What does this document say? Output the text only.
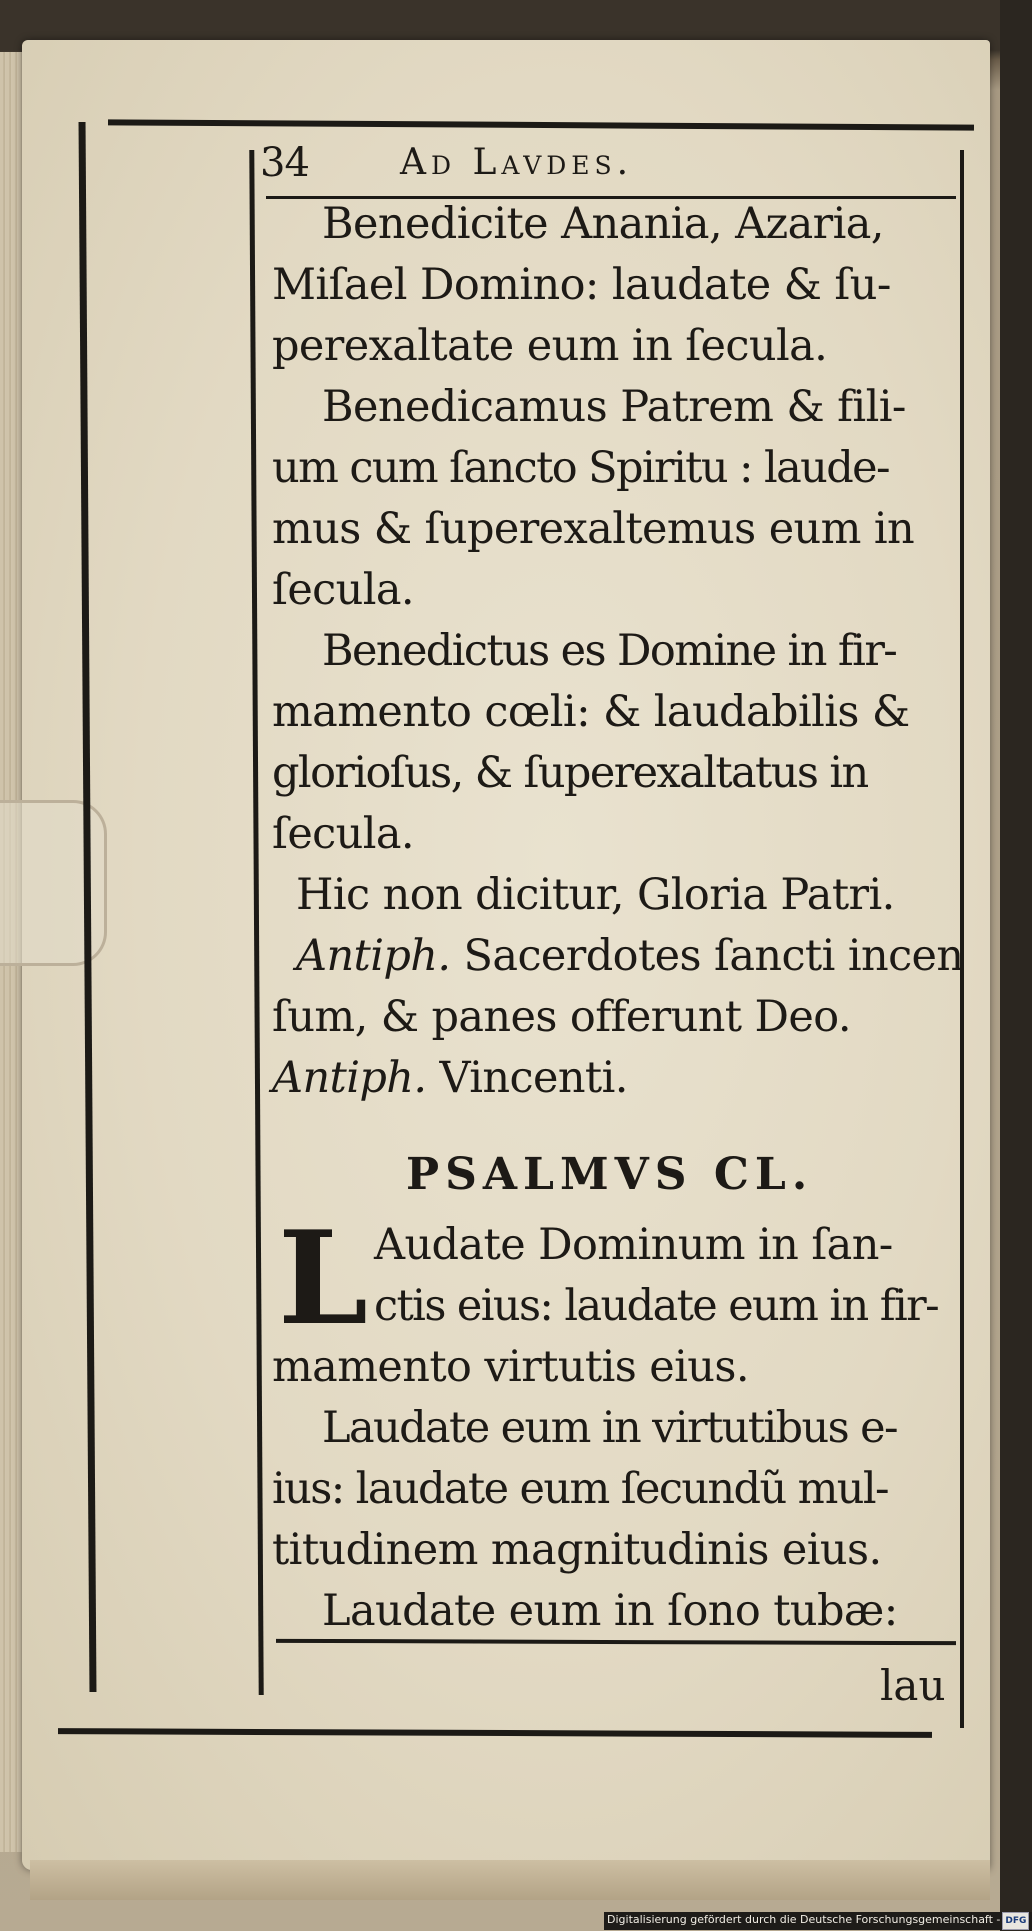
34	Ad Lavdes.
Benedicite Anania, Azaria,
Miſael Domino: laudate & ſu-
perexaltate eum in ſecula.
Benedicamus Patrem & fili-
um cum ſancto Spiritu : laude-
mus & ſuperexaltemus eum in
ſecula.
Benedictus es Domine in fir-
mamento cœli: & laudabilis &
glorioſus, & ſuperexaltatus in
ſecula.
Hic non dicitur, Gloria Patri.
Antiph. Sacerdotes ſancti incen
ſum, & panes offerunt Deo.
Antiph. Vincenti.
PSALMVS CL.
L Audate Dominum in ſan-
ctis eius: laudate eum in fir-
mamento virtutis eius.
Laudate eum in virtutibus e-
ius: laudate eum ſecundũ mul-
titudinem magnitudinis eius.
Laudate eum in ſono tubæ:
lau
Digitalisierung gefördert durch die Deutsche Forschungsgemeinschaft - DFG
